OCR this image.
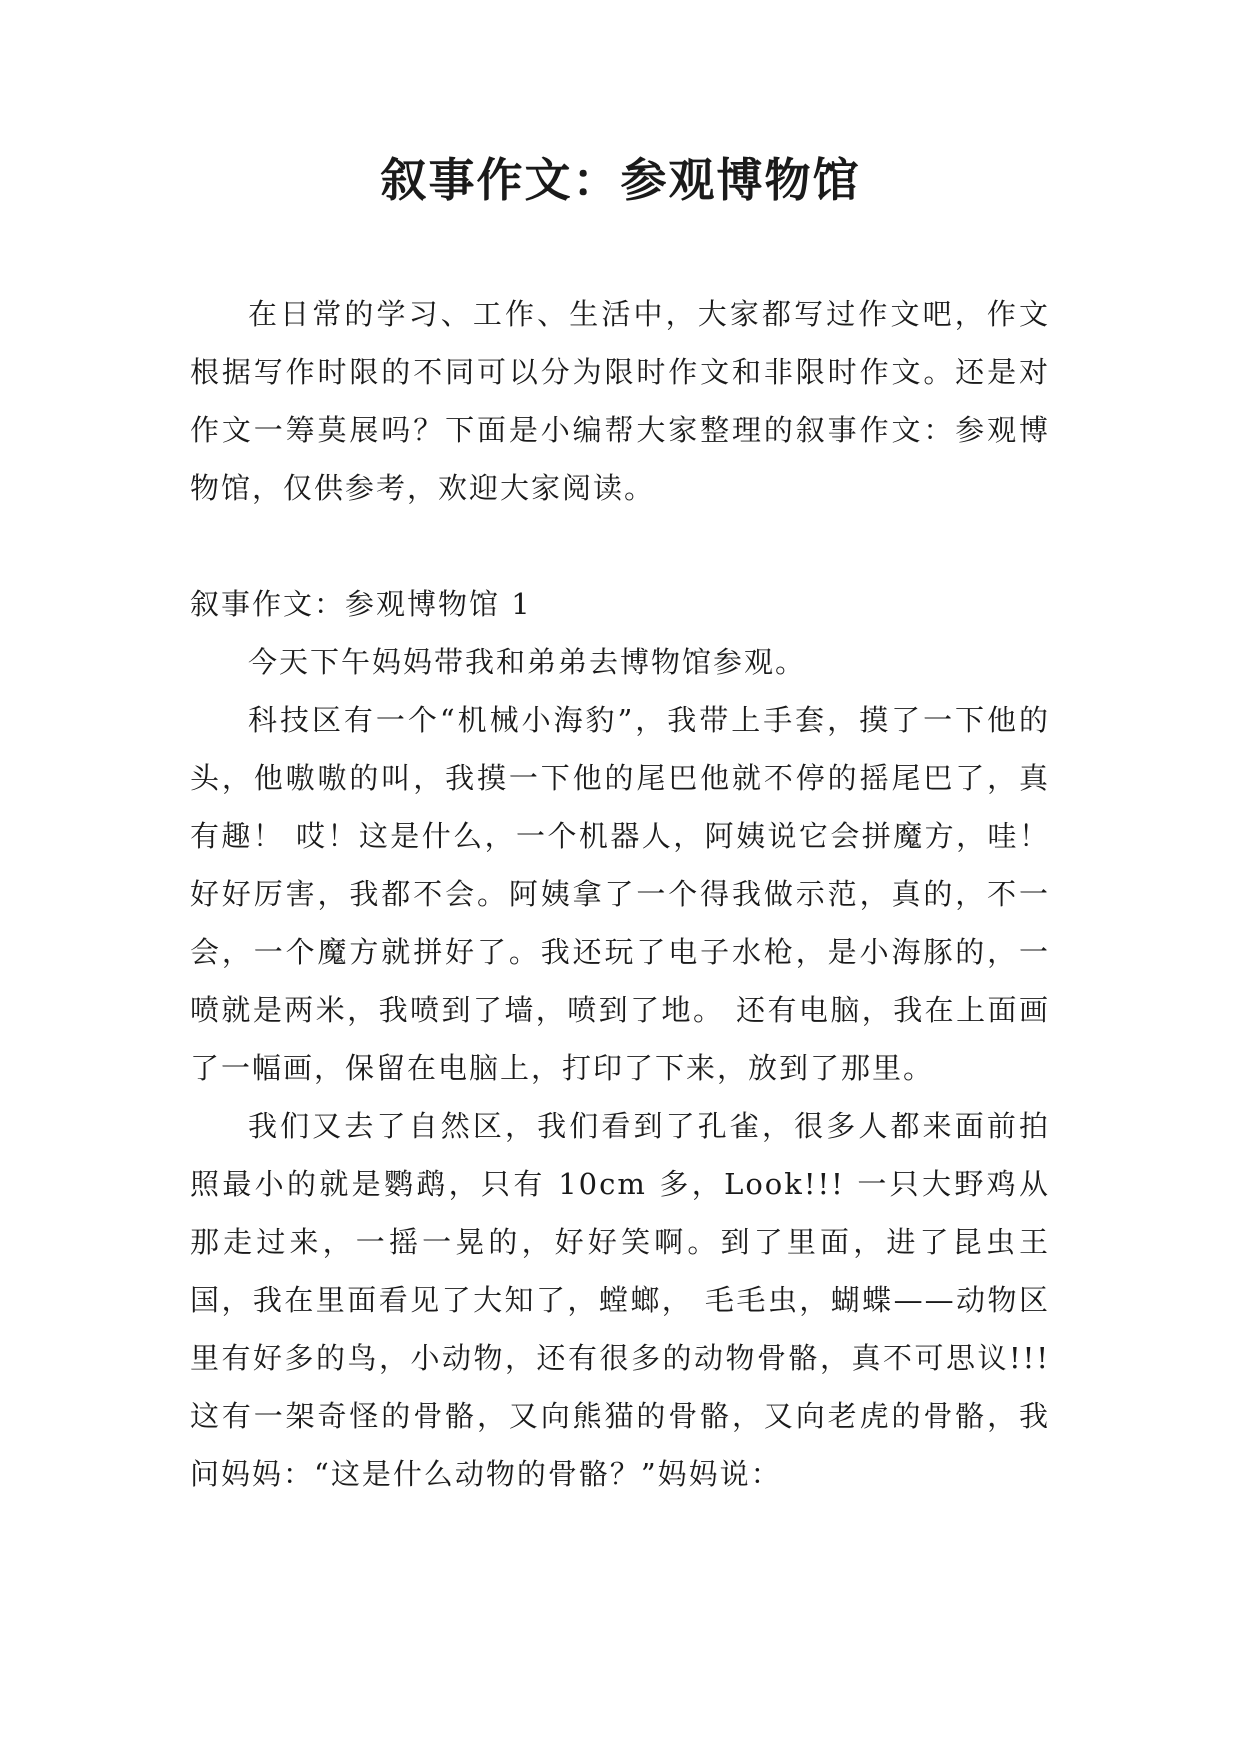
叙事作文：参观博物馆

在日常的学习、工作、生活中，大家都写过作文吧，作文根据写作时限的不同可以分为限时作文和非限时作文。还是对作文一筹莫展吗？下面是小编帮大家整理的叙事作文：参观博物馆，仅供参考，欢迎大家阅读。

叙事作文：参观博物馆 1

今天下午妈妈带我和弟弟去博物馆参观。

科技区有一个“机械小海豹”，我带上手套，摸了一下他的头，他嗷嗷的叫，我摸一下他的尾巴他就不停的摇尾巴了，真有趣！ 哎！这是什么，一个机器人，阿姨说它会拼魔方，哇！好好厉害，我都不会。阿姨拿了一个得我做示范，真的，不一会，一个魔方就拼好了。我还玩了电子水枪，是小海豚的，一喷就是两米，我喷到了墙，喷到了地。 还有电脑，我在上面画了一幅画，保留在电脑上，打印了下来，放到了那里。

我们又去了自然区，我们看到了孔雀，很多人都来面前拍照最小的就是鹦鹉，只有 10cm 多，Look!!! 一只大野鸡从那走过来，一摇一晃的，好好笑啊。到了里面，进了昆虫王国，我在里面看见了大知了，螳螂， 毛毛虫，蝴蝶——动物区里有好多的鸟，小动物，还有很多的动物骨骼，真不可思议!!! 这有一架奇怪的骨骼，又向熊猫的骨骼，又向老虎的骨骼，我问妈妈：“这是什么动物的骨骼？”妈妈说：
